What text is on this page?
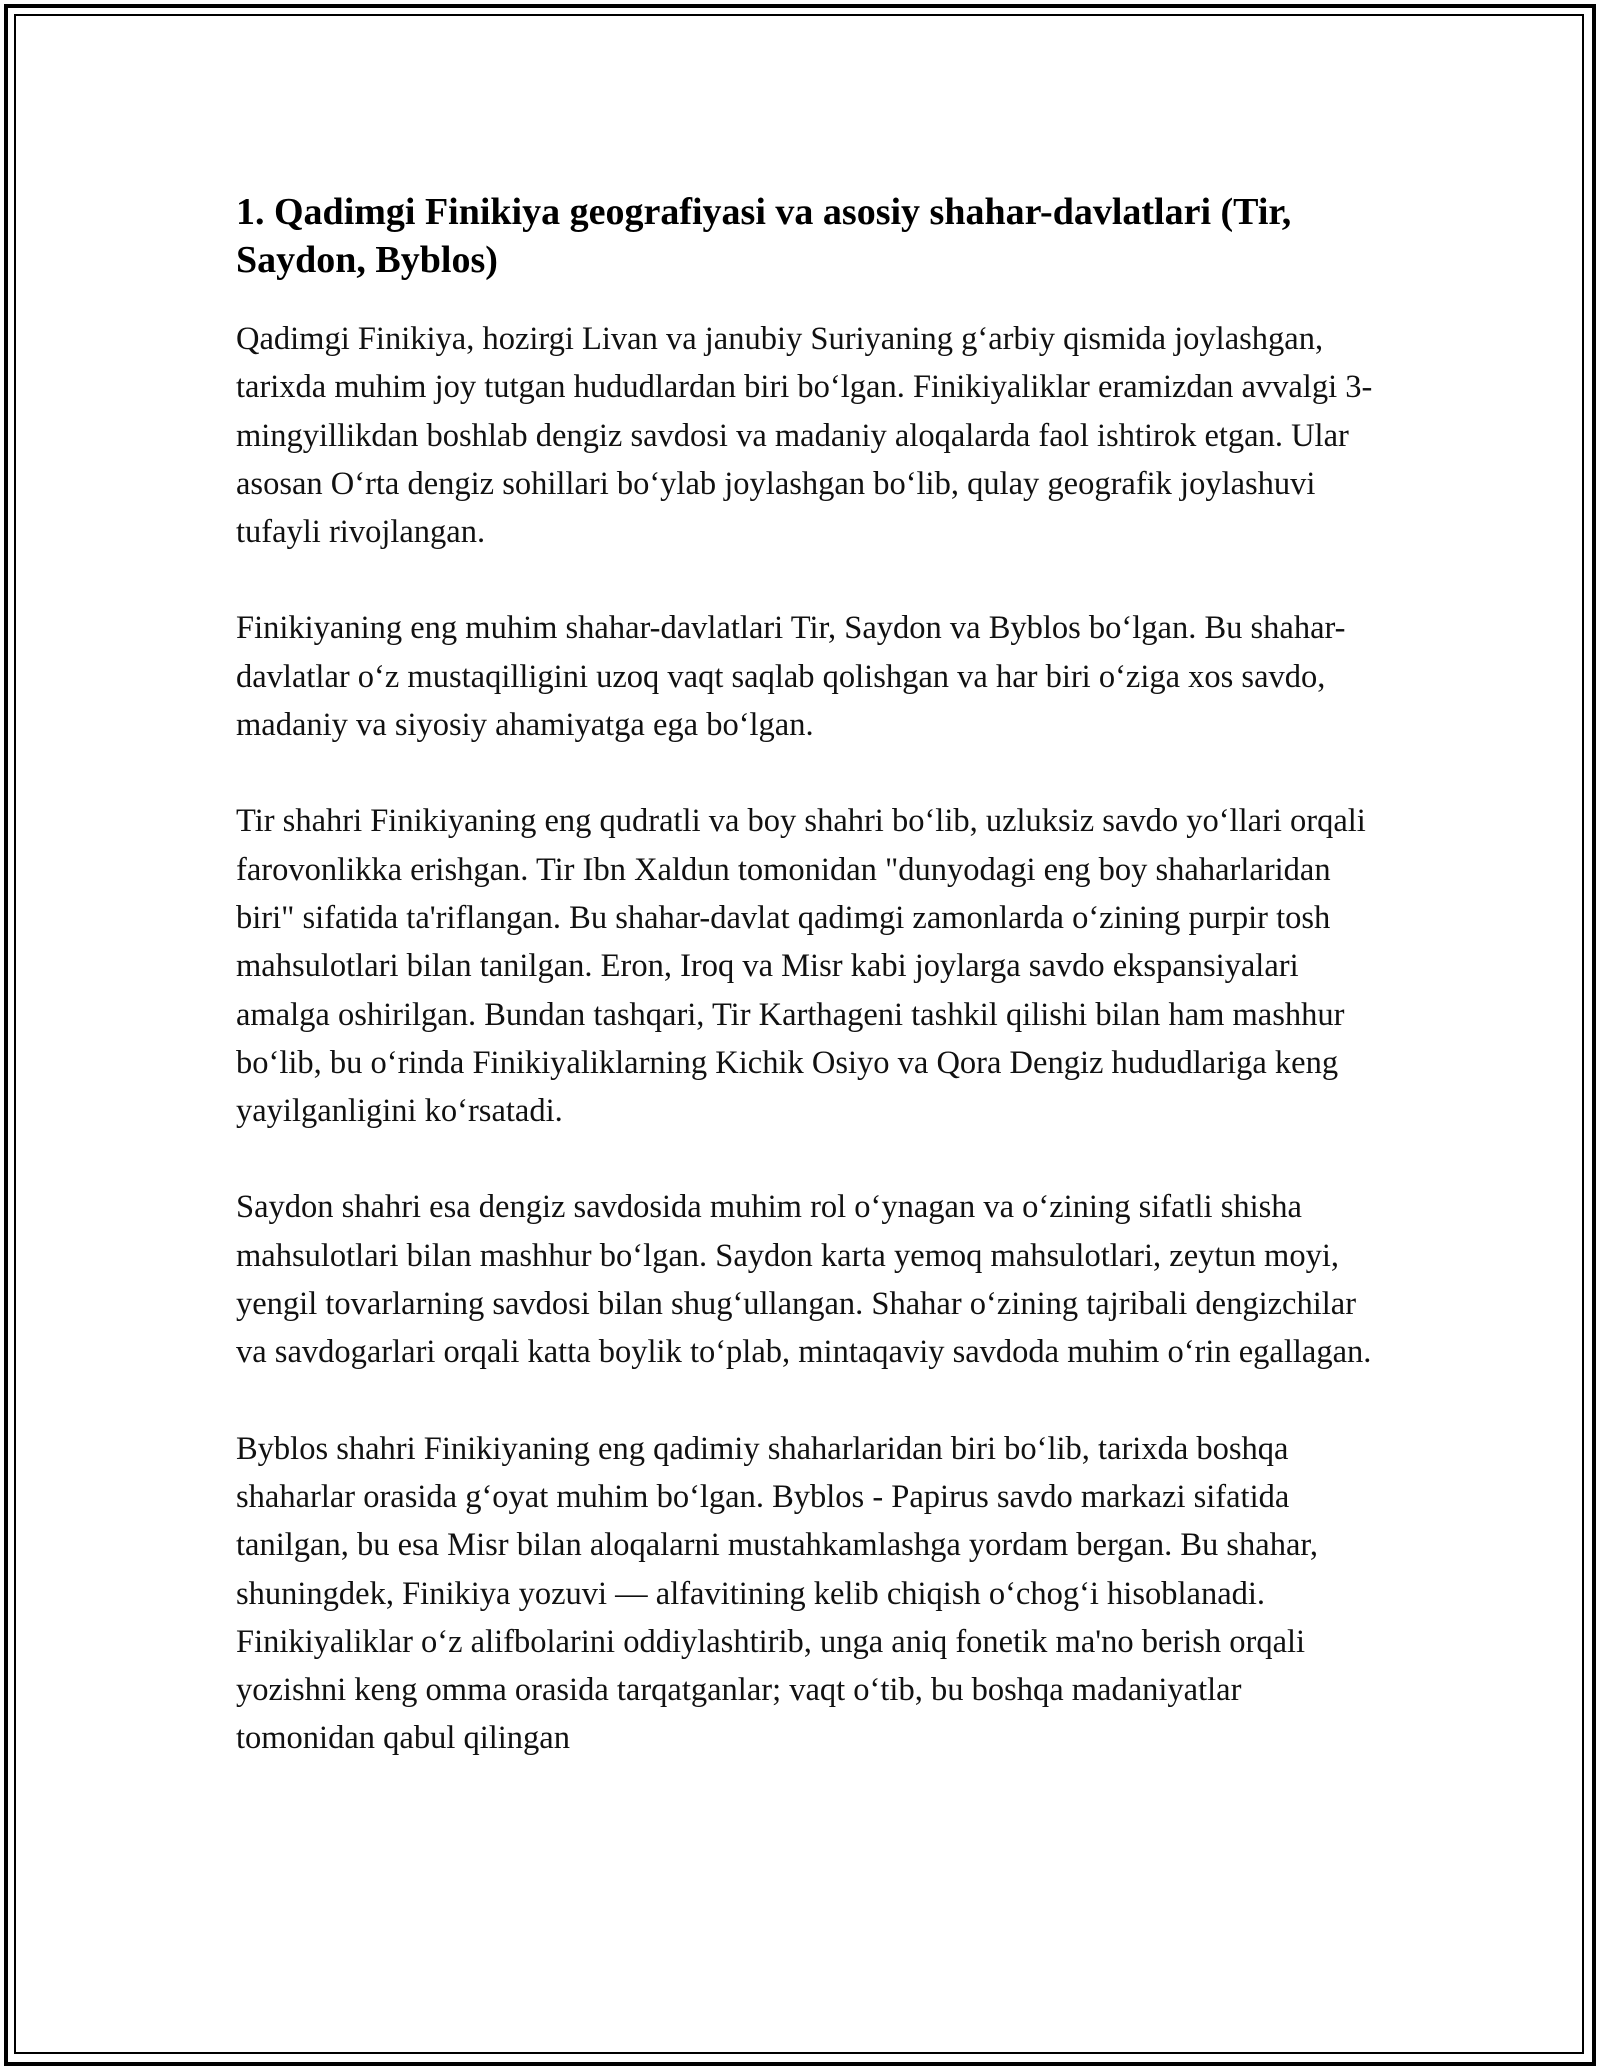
1. Qadimgi Finikiya geografiyasi va asosiy shahar-davlatlari (Tir, Saydon, Byblos)

Qadimgi Finikiya, hozirgi Livan va janubiy Suriyaning g‘arbiy qismida joylashgan, tarixda muhim joy tutgan hududlardan biri bo‘lgan. Finikiyaliklar eramizdan avvalgi 3-mingyillikdan boshlab dengiz savdosi va madaniy aloqalarda faol ishtirok etgan. Ular asosan O‘rta dengiz sohillari bo‘ylab joylashgan bo‘lib, qulay geografik joylashuvi tufayli rivojlangan.

Finikiyaning eng muhim shahar-davlatlari Tir, Saydon va Byblos bo‘lgan. Bu shahar-davlatlar o‘z mustaqilligini uzoq vaqt saqlab qolishgan va har biri o‘ziga xos savdo, madaniy va siyosiy ahamiyatga ega bo‘lgan.

Tir shahri Finikiyaning eng qudratli va boy shahri bo‘lib, uzluksiz savdo yo‘llari orqali farovonlikka erishgan. Tir Ibn Xaldun tomonidan "dunyodagi eng boy shaharlaridan biri" sifatida ta'riflangan. Bu shahar-davlat qadimgi zamonlarda o‘zining purpir tosh mahsulotlari bilan tanilgan. Eron, Iroq va Misr kabi joylarga savdo ekspansiyalari amalga oshirilgan. Bundan tashqari, Tir Karthageni tashkil qilishi bilan ham mashhur bo‘lib, bu o‘rinda Finikiyaliklarning Kichik Osiyo va Qora Dengiz hududlariga keng yayilganligini ko‘rsatadi.

Saydon shahri esa dengiz savdosida muhim rol o‘ynagan va o‘zining sifatli shisha mahsulotlari bilan mashhur bo‘lgan. Saydon karta yemoq mahsulotlari, zeytun moyi, yengil tovarlarning savdosi bilan shug‘ullangan. Shahar o‘zining tajribali dengizchilar va savdogarlari orqali katta boylik to‘plab, mintaqaviy savdoda muhim o‘rin egallagan.

Byblos shahri Finikiyaning eng qadimiy shaharlaridan biri bo‘lib, tarixda boshqa shaharlar orasida g‘oyat muhim bo‘lgan. Byblos - Papirus savdo markazi sifatida tanilgan, bu esa Misr bilan aloqalarni mustahkamlashga yordam bergan. Bu shahar, shuningdek, Finikiya yozuvi — alfavitining kelib chiqish o‘chog‘i hisoblanadi. Finikiyaliklar o‘z alifbolarini oddiylashtirib, unga aniq fonetik ma'no berish orqali yozishni keng omma orasida tarqatganlar; vaqt o‘tib, bu boshqa madaniyatlar tomonidan qabul qilingan
